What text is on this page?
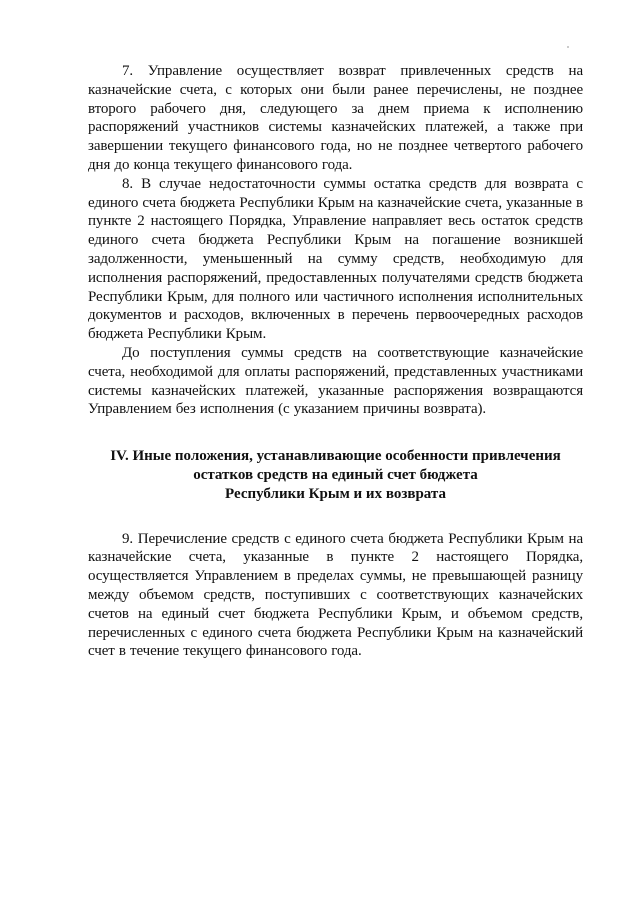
7. Управление осуществляет возврат привлеченных средств на казначейские счета, с которых они были ранее перечислены, не позднее второго рабочего дня, следующего за днем приема к исполнению распоряжений участников системы казначейских платежей, а также при завершении текущего финансового года, но не позднее четвертого рабочего дня до конца текущего финансового года.

8. В случае недостаточности суммы остатка средств для возврата с единого счета бюджета Республики Крым на казначейские счета, указанные в пункте 2 настоящего Порядка, Управление направляет весь остаток средств единого счета бюджета Республики Крым на погашение возникшей задолженности, уменьшенный на сумму средств, необходимую для исполнения распоряжений, предоставленных получателями средств бюджета Республики Крым, для полного или частичного исполнения исполнительных документов и расходов, включенных в перечень первоочередных расходов бюджета Республики Крым.

До поступления суммы средств на соответствующие казначейские счета, необходимой для оплаты распоряжений, представленных участниками системы казначейских платежей, указанные распоряжения возвращаются Управлением без исполнения (с указанием причины возврата).

IV. Иные положения, устанавливающие особенности привлечения
остатков средств на единый счет бюджета
Республики Крым и их возврата

9. Перечисление средств с единого счета бюджета Республики Крым на казначейские счета, указанные в пункте 2 настоящего Порядка, осуществляется Управлением в пределах суммы, не превышающей разницу между объемом средств, поступивших с соответствующих казначейских счетов на единый счет бюджета Республики Крым, и объемом средств, перечисленных с единого счета бюджета Республики Крым на казначейский счет в течение текущего финансового года.
